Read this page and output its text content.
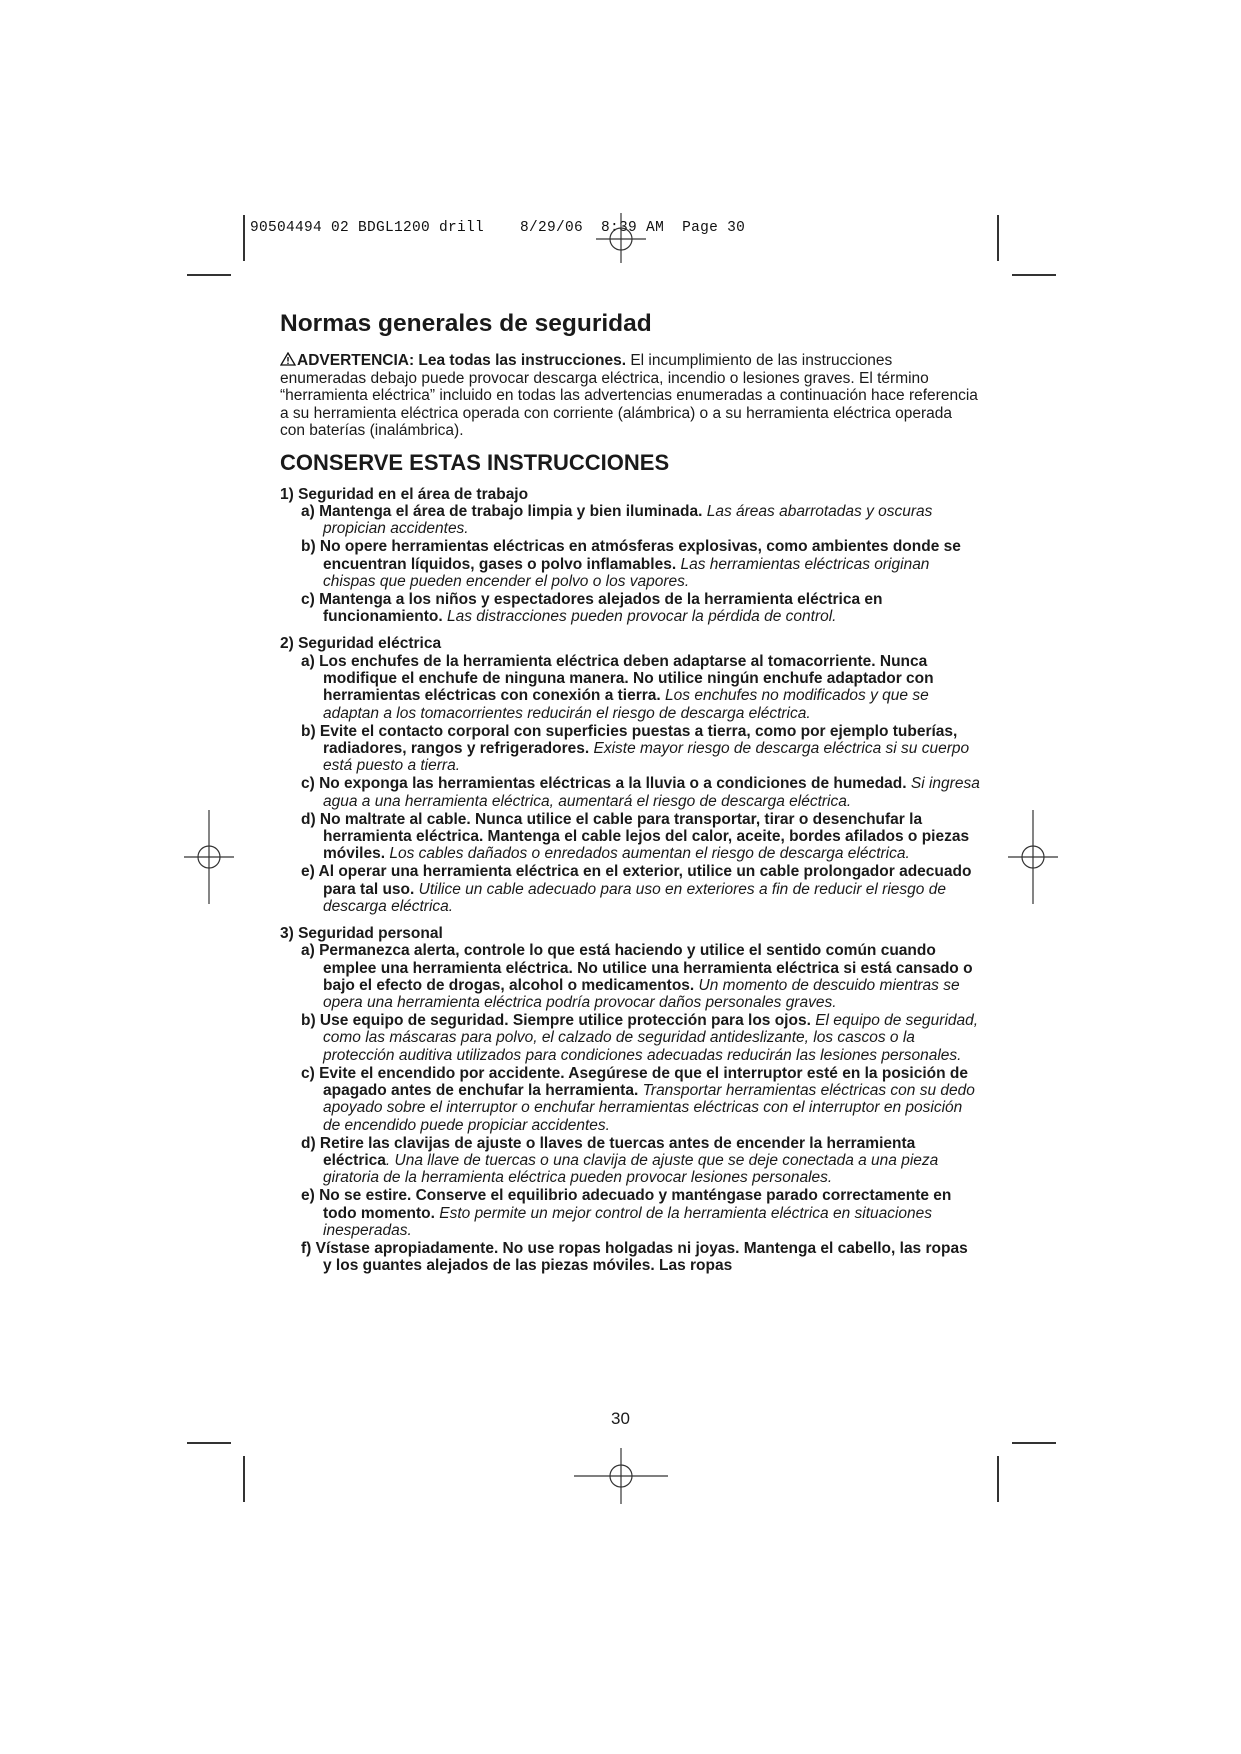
90504494 02 BDGL1200 drill    8/29/06  8:39 AM  Page 30
Normas generales de seguridad

ADVERTENCIA: Lea todas las instrucciones. El incumplimiento de las instrucciones enumeradas debajo puede provocar descarga eléctrica, incendio o lesiones graves. El término “herramienta eléctrica” incluido en todas las advertencias enumeradas a continuación hace referencia a su herramienta eléctrica operada con corriente (alámbrica) o a su herramienta eléctrica operada con baterías (inalámbrica).

CONSERVE ESTAS INSTRUCCIONES

1) Seguridad en el área de trabajo

a) Mantenga el área de trabajo limpia y bien iluminada. Las áreas abarrotadas y oscuras propician accidentes.

b) No opere herramientas eléctricas en atmósferas explosivas, como ambientes donde se encuentran líquidos, gases o polvo inflamables. Las herramientas eléctricas originan chispas que pueden encender el polvo o los vapores.

c) Mantenga a los niños y espectadores alejados de la herramienta eléctrica en funcionamiento. Las distracciones pueden provocar la pérdida de control.

2) Seguridad eléctrica

a) Los enchufes de la herramienta eléctrica deben adaptarse al tomacorriente. Nunca modifique el enchufe de ninguna manera. No utilice ningún enchufe adaptador con herramientas eléctricas con conexión a tierra. Los enchufes no modificados y que se adaptan a los tomacorrientes reducirán el riesgo de descarga eléctrica.

b) Evite el contacto corporal con superficies puestas a tierra, como por ejemplo tuberías, radiadores, rangos y refrigeradores. Existe mayor riesgo de descarga eléctrica si su cuerpo está puesto a tierra.

c) No exponga las herramientas eléctricas a la lluvia o a condiciones de humedad. Si ingresa agua a una herramienta eléctrica, aumentará el riesgo de descarga eléctrica.

d) No maltrate al cable. Nunca utilice el cable para transportar, tirar o desenchufar la herramienta eléctrica. Mantenga el cable lejos del calor, aceite, bordes afilados o piezas móviles. Los cables dañados o enredados aumentan el riesgo de descarga eléctrica.

e) Al operar una herramienta eléctrica en el exterior, utilice un cable prolongador adecuado para tal uso. Utilice un cable adecuado para uso en exteriores a fin de reducir el riesgo de descarga eléctrica.

3) Seguridad personal

a) Permanezca alerta, controle lo que está haciendo y utilice el sentido común cuando emplee una herramienta eléctrica. No utilice una herramienta eléctrica si está cansado o bajo el efecto de drogas, alcohol o medicamentos. Un momento de descuido mientras se opera una herramienta eléctrica podría provocar daños personales graves.

b) Use equipo de seguridad. Siempre utilice protección para los ojos. El equipo de seguridad, como las máscaras para polvo, el calzado de seguridad antideslizante, los cascos o la protección auditiva utilizados para condiciones adecuadas reducirán las lesiones personales.

c) Evite el encendido por accidente. Asegúrese de que el interruptor esté en la posición de apagado antes de enchufar la herramienta. Transportar herramientas eléctricas con su dedo apoyado sobre el interruptor o enchufar herramientas eléctricas con el interruptor en posición de encendido puede propiciar accidentes.

d) Retire las clavijas de ajuste o llaves de tuercas antes de encender la herramienta eléctrica. Una llave de tuercas o una clavija de ajuste que se deje conectada a una pieza giratoria de la herramienta eléctrica pueden provocar lesiones personales.

e) No se estire. Conserve el equilibrio adecuado y manténgase parado correctamente en todo momento. Esto permite un mejor control de la herramienta eléctrica en situaciones inesperadas.

f) Vístase apropiadamente. No use ropas holgadas ni joyas. Mantenga el cabello, las ropas y los guantes alejados de las piezas móviles. Las ropas

30
